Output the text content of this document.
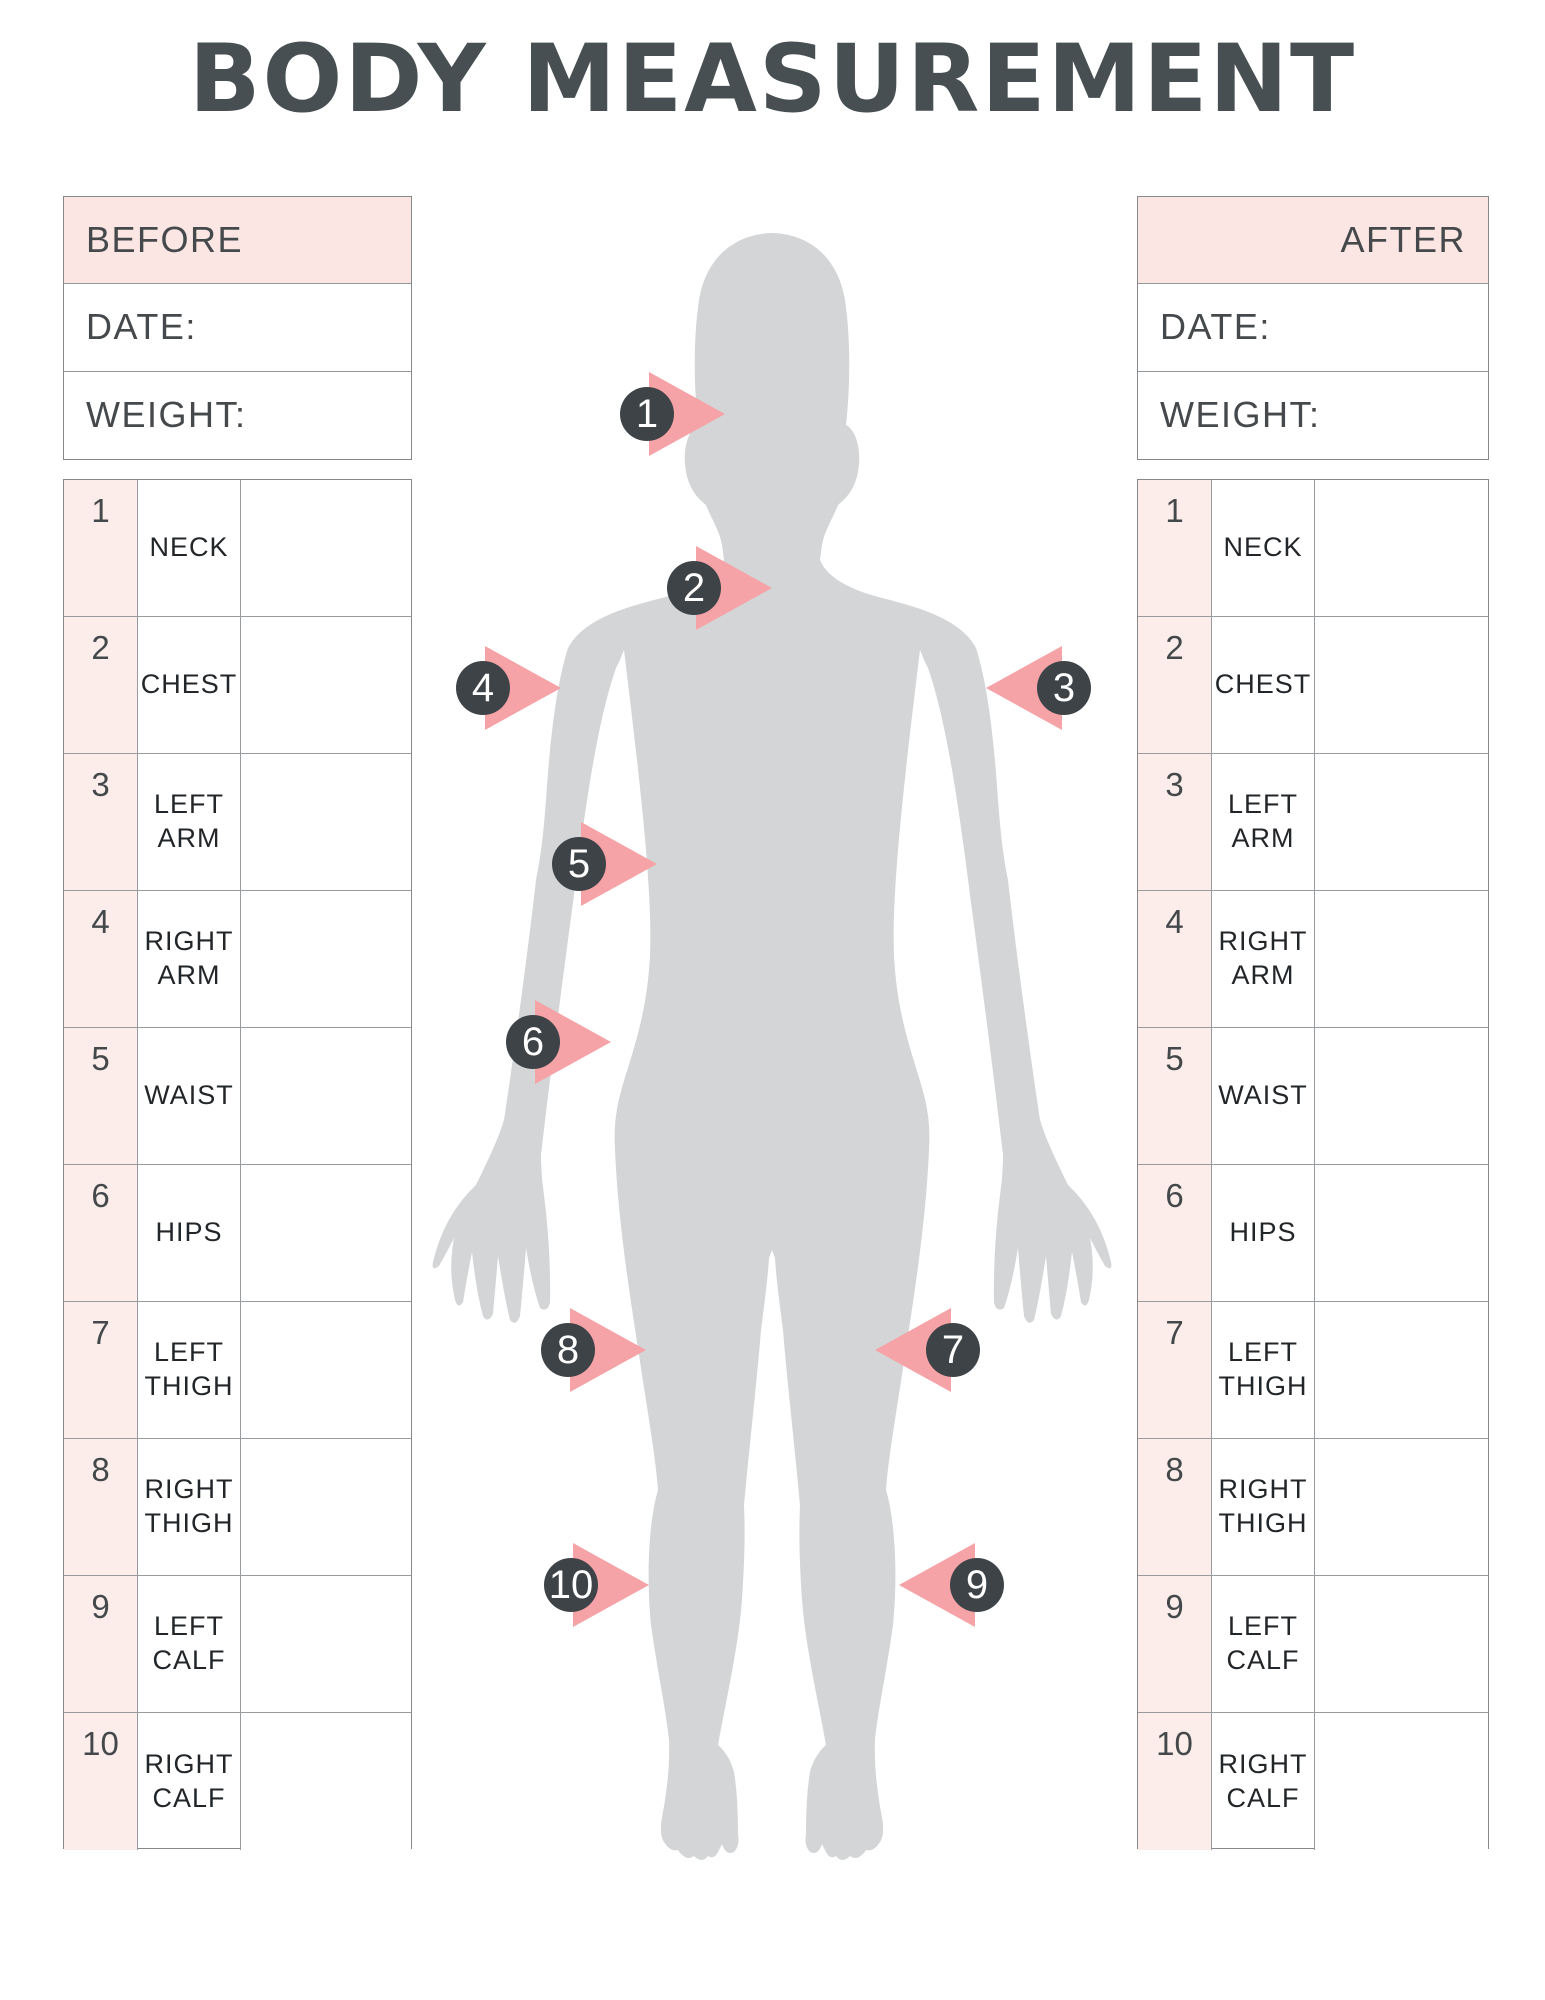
BODY MEASUREMENT
1
2
3
4
5
6
7
8
9
10
BEFORE
DATE:
WEIGHT:
AFTER
DATE:
WEIGHT:
1
NECK
2
CHEST
3
LEFT ARM
4
RIGHT ARM
5
WAIST
6
HIPS
7
LEFT THIGH
8
RIGHT THIGH
9
LEFT CALF
10
RIGHT CALF
1
NECK
2
CHEST
3
LEFT ARM
4
RIGHT ARM
5
WAIST
6
HIPS
7
LEFT THIGH
8
RIGHT THIGH
9
LEFT CALF
10
RIGHT CALF
